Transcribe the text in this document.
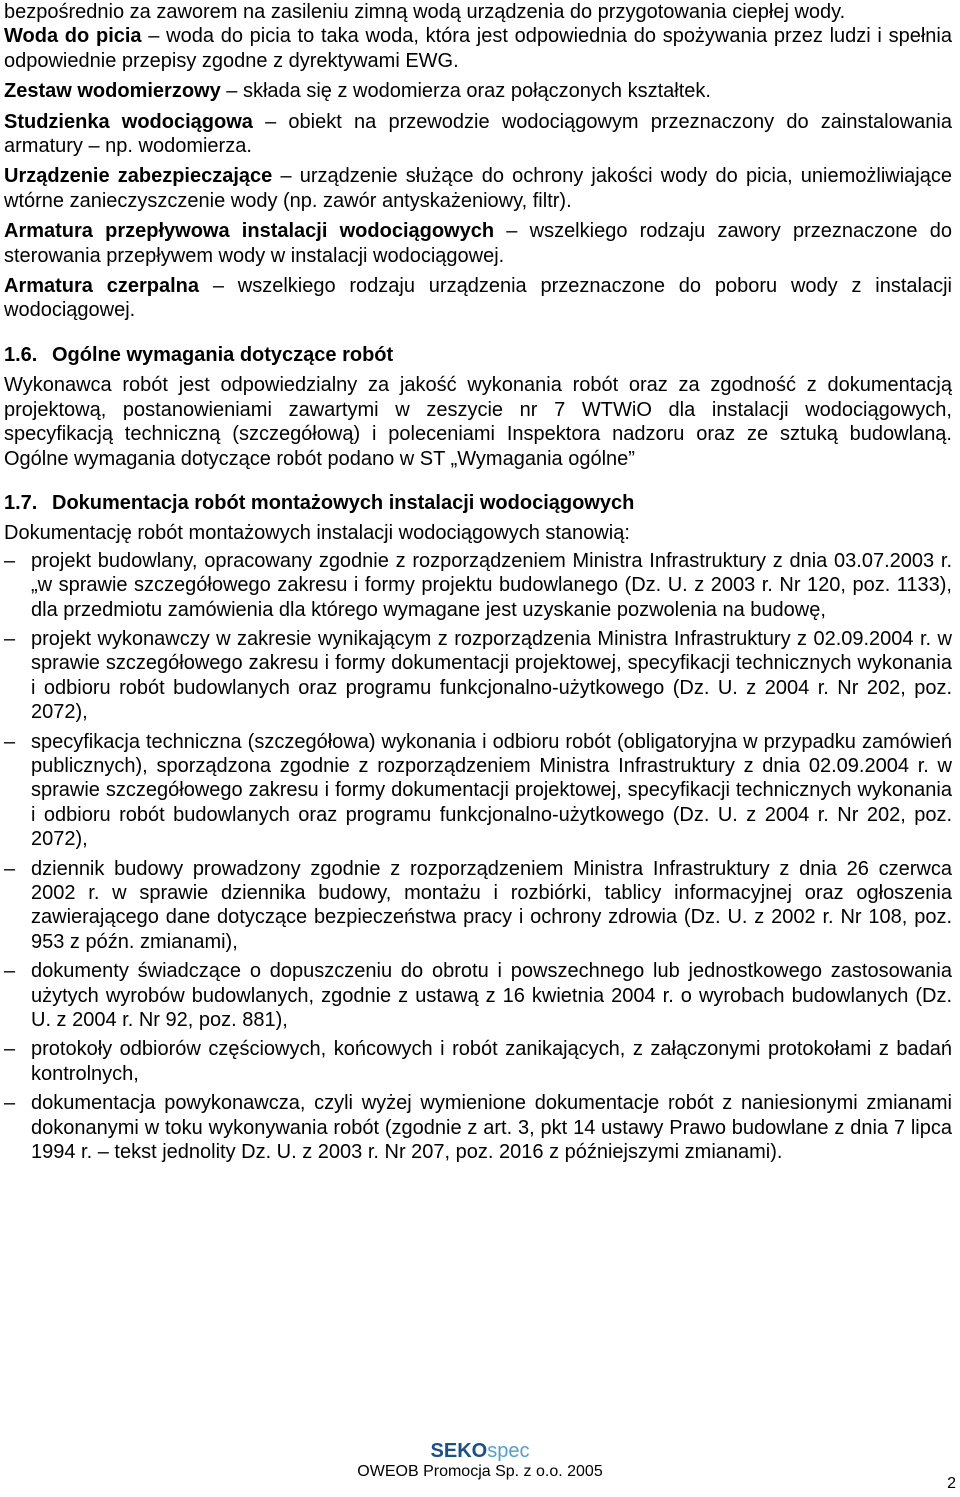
bezpośrednio za zaworem na zasileniu zimną wodą urządzenia do przygotowania ciepłej wody.

Woda do picia – woda do picia to taka woda, która jest odpowiednia do spożywania przez ludzi i spełnia odpowiednie przepisy zgodne z dyrektywami EWG.

Zestaw wodomierzowy – składa się z wodomierza oraz połączonych kształtek.

Studzienka wodociągowa – obiekt na przewodzie wodociągowym przeznaczony do zainstalowania armatury – np. wodomierza.

Urządzenie zabezpieczające – urządzenie służące do ochrony jakości wody do picia, uniemożliwiające wtórne zanieczyszczenie wody (np. zawór antyskażeniowy, filtr).

Armatura przepływowa instalacji wodociągowych – wszelkiego rodzaju zawory przeznaczone do sterowania przepływem wody w instalacji wodociągowej.

Armatura czerpalna – wszelkiego rodzaju urządzenia przeznaczone do poboru wody z instalacji wodociągowej.

1.6. Ogólne wymagania dotyczące robót

Wykonawca robót jest odpowiedzialny za jakość wykonania robót oraz za zgodność z dokumentacją projektową, postanowieniami zawartymi w zeszycie nr 7 WTWiO dla instalacji wodociągowych, specyfikacją techniczną (szczegółową) i poleceniami Inspektora nadzoru oraz ze sztuką budowlaną. Ogólne wymagania dotyczące robót podano w ST „Wymagania ogólne”

1.7. Dokumentacja robót montażowych instalacji wodociągowych

Dokumentację robót montażowych instalacji wodociągowych stanowią:

– projekt budowlany, opracowany zgodnie z rozporządzeniem Ministra Infrastruktury z dnia 03.07.2003 r. „w sprawie szczegółowego zakresu i formy projektu budowlanego (Dz. U. z 2003 r. Nr 120, poz. 1133), dla przedmiotu zamówienia dla którego wymagane jest uzyskanie pozwolenia na budowę,
– projekt wykonawczy w zakresie wynikającym z rozporządzenia Ministra Infrastruktury z 02.09.2004 r. w sprawie szczegółowego zakresu i formy dokumentacji projektowej, specyfikacji technicznych wykonania i odbioru robót budowlanych oraz programu funkcjonalno-użytkowego (Dz. U. z 2004 r. Nr 202, poz. 2072),
– specyfikacja techniczna (szczegółowa) wykonania i odbioru robót (obligatoryjna w przypadku zamówień publicznych), sporządzona zgodnie z rozporządzeniem Ministra Infrastruktury z dnia 02.09.2004 r. w sprawie szczegółowego zakresu i formy dokumentacji projektowej, specyfikacji technicznych wykonania i odbioru robót budowlanych oraz programu funkcjonalno-użytkowego (Dz. U. z 2004 r. Nr 202, poz. 2072),
– dziennik budowy prowadzony zgodnie z rozporządzeniem Ministra Infrastruktury z dnia 26 czerwca 2002 r. w sprawie dziennika budowy, montażu i rozbiórki, tablicy informacyjnej oraz ogłoszenia zawierającego dane dotyczące bezpieczeństwa pracy i ochrony zdrowia (Dz. U. z 2002 r. Nr 108, poz. 953 z późn. zmianami),
– dokumenty świadczące o dopuszczeniu do obrotu i powszechnego lub jednostkowego zastosowania użytych wyrobów budowlanych, zgodnie z ustawą z 16 kwietnia 2004 r. o wyrobach budowlanych (Dz. U. z 2004 r. Nr 92, poz. 881),
– protokoły odbiorów częściowych, końcowych i robót zanikających, z załączonymi protokołami z badań kontrolnych,
– dokumentacja powykonawcza, czyli wyżej wymienione dokumentacje robót z naniesionymi zmianami dokonanymi w toku wykonywania robót (zgodnie z art. 3, pkt 14 ustawy Prawo budowlane z dnia 7 lipca 1994 r. – tekst jednolity Dz. U. z 2003 r. Nr 207, poz. 2016 z późniejszymi zmianami).
SEKOspec
OWEOB Promocja Sp. z o.o. 2005
2
